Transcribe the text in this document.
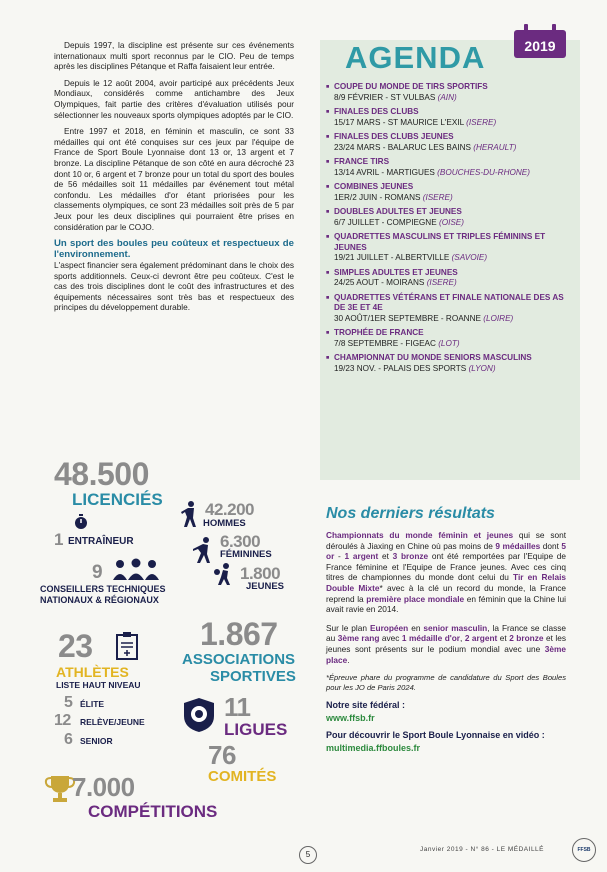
Depuis 1997, la discipline est présente sur ces événements internationaux multi sport reconnus par le CIO. Peu de temps après les disciplines Pétanque et Raffa faisaient leur entrée.

Depuis le 12 août 2004, avoir participé aux précédents Jeux Mondiaux, considérés comme antichambre des Jeux Olympiques, fait partie des critères d'évaluation utilisés pour sélectionner les nouveaux sports olympiques adoptés par le CIO.

Entre 1997 et 2018, en féminin et masculin, ce sont 33 médailles qui ont été conquises sur ces jeux par l'équipe de France de Sport Boule Lyonnaise dont 13 or, 13 argent et 7 bronze. La discipline Pétanque de son côté en aura décroché 23 dont 10 or, 6 argent et 7 bronze pour un total du sport des boules de 56 médailles soit 11 médailles par événement tout métal confondu. Les médailles d'or étant priorisées pour les classements olympiques, ce sont 23 médailles soit près de 5 par Jeux pour les deux disciplines qui pourraient être prises en considération par le COJO.

Un sport des boules peu coûteux et respectueux de l'environnement.

L'aspect financier sera également prédominant dans le choix des sports additionnels. Ceux-ci devront être peu coûteux. C'est le cas des trois disciplines dont le coût des infrastructures et des équipements nécessaires sont très bas et respectueux des principes du développement durable.

48.500
LICENCIÉS
1 ENTRAÎNEUR
42.200
HOMMES
6.300
FÉMININES
1.800
JEUNES
9
CONSEILLERS TECHNIQUES
NATIONAUX & RÉGIONAUX
23
ATHLÈTES
LISTE HAUT NIVEAU
5 ÉLITE
12 RELÈVE/JEUNE
6 SENIOR
1.867
ASSOCIATIONS
SPORTIVES
11
LIGUES
76
COMITÉS
7.000
COMPÉTITIONS
AGENDA	2019
■ COUPE DU MONDE DE TIRS SPORTIFS
8/9 FÉVRIER - ST VULBAS (AIN)
■ FINALES DES CLUBS
15/17 MARS - ST MAURICE L'EXIL (ISERE)
■ FINALES DES CLUBS JEUNES
23/24 MARS - BALARUC LES BAINS (HERAULT)
■ FRANCE TIRS
13/14 AVRIL - MARTIGUES (BOUCHES-DU-RHONE)
■ COMBINES JEUNES
1ER/2 JUIN - ROMANS (ISERE)
■ DOUBLES ADULTES ET JEUNES
6/7 JUILLET - COMPIEGNE (OISE)
■ QUADRETTES MASCULINS ET TRIPLES FÉMININS ET JEUNES
19/21 JUILLET - ALBERTVILLE (SAVOIE)
■ SIMPLES ADULTES ET JEUNES
24/25 AOUT - MOIRANS (ISERE)
■ QUADRETTES VÉTÉRANS ET FINALE NATIONALE DES AS DE 3E ET 4E
30 AOÛT/1ER SEPTEMBRE - ROANNE (LOIRE)
■ TROPHÉE DE FRANCE
7/8 SEPTEMBRE - FIGEAC (LOT)
■ CHAMPIONNAT DU MONDE SENIORS MASCULINS
19/23 NOV. - PALAIS DES SPORTS (LYON)
Nos derniers résultats

Championnats du monde féminin et jeunes qui se sont déroulés à Jiaxing en Chine où pas moins de 9 médailles dont 5 or - 1 argent et 3 bronze ont été remportées par l'Equipe de France féminine et l'Equipe de France jeunes. Avec ces cinq titres de championnes du monde dont celui du Tir en Relais Double Mixte* avec à la clé un record du monde, la France reprend la première place mondiale en féminin que la Chine lui avait ravie en 2014.

Sur le plan Européen en senior masculin, la France se classe au 3ème rang avec 1 médaille d'or, 2 argent et 2 bronze et les jeunes sont présents sur le podium mondial avec une 3ème place.

*Épreuve phare du programme de candidature du Sport des Boules pour les JO de Paris 2024.

Notre site fédéral :

www.ffsb.fr

Pour découvrir le Sport Boule Lyonnaise en vidéo :

multimedia.ffboules.fr

5
Janvier 2019 - N° 86 - LE MÉDAILLÉ	FFSB
